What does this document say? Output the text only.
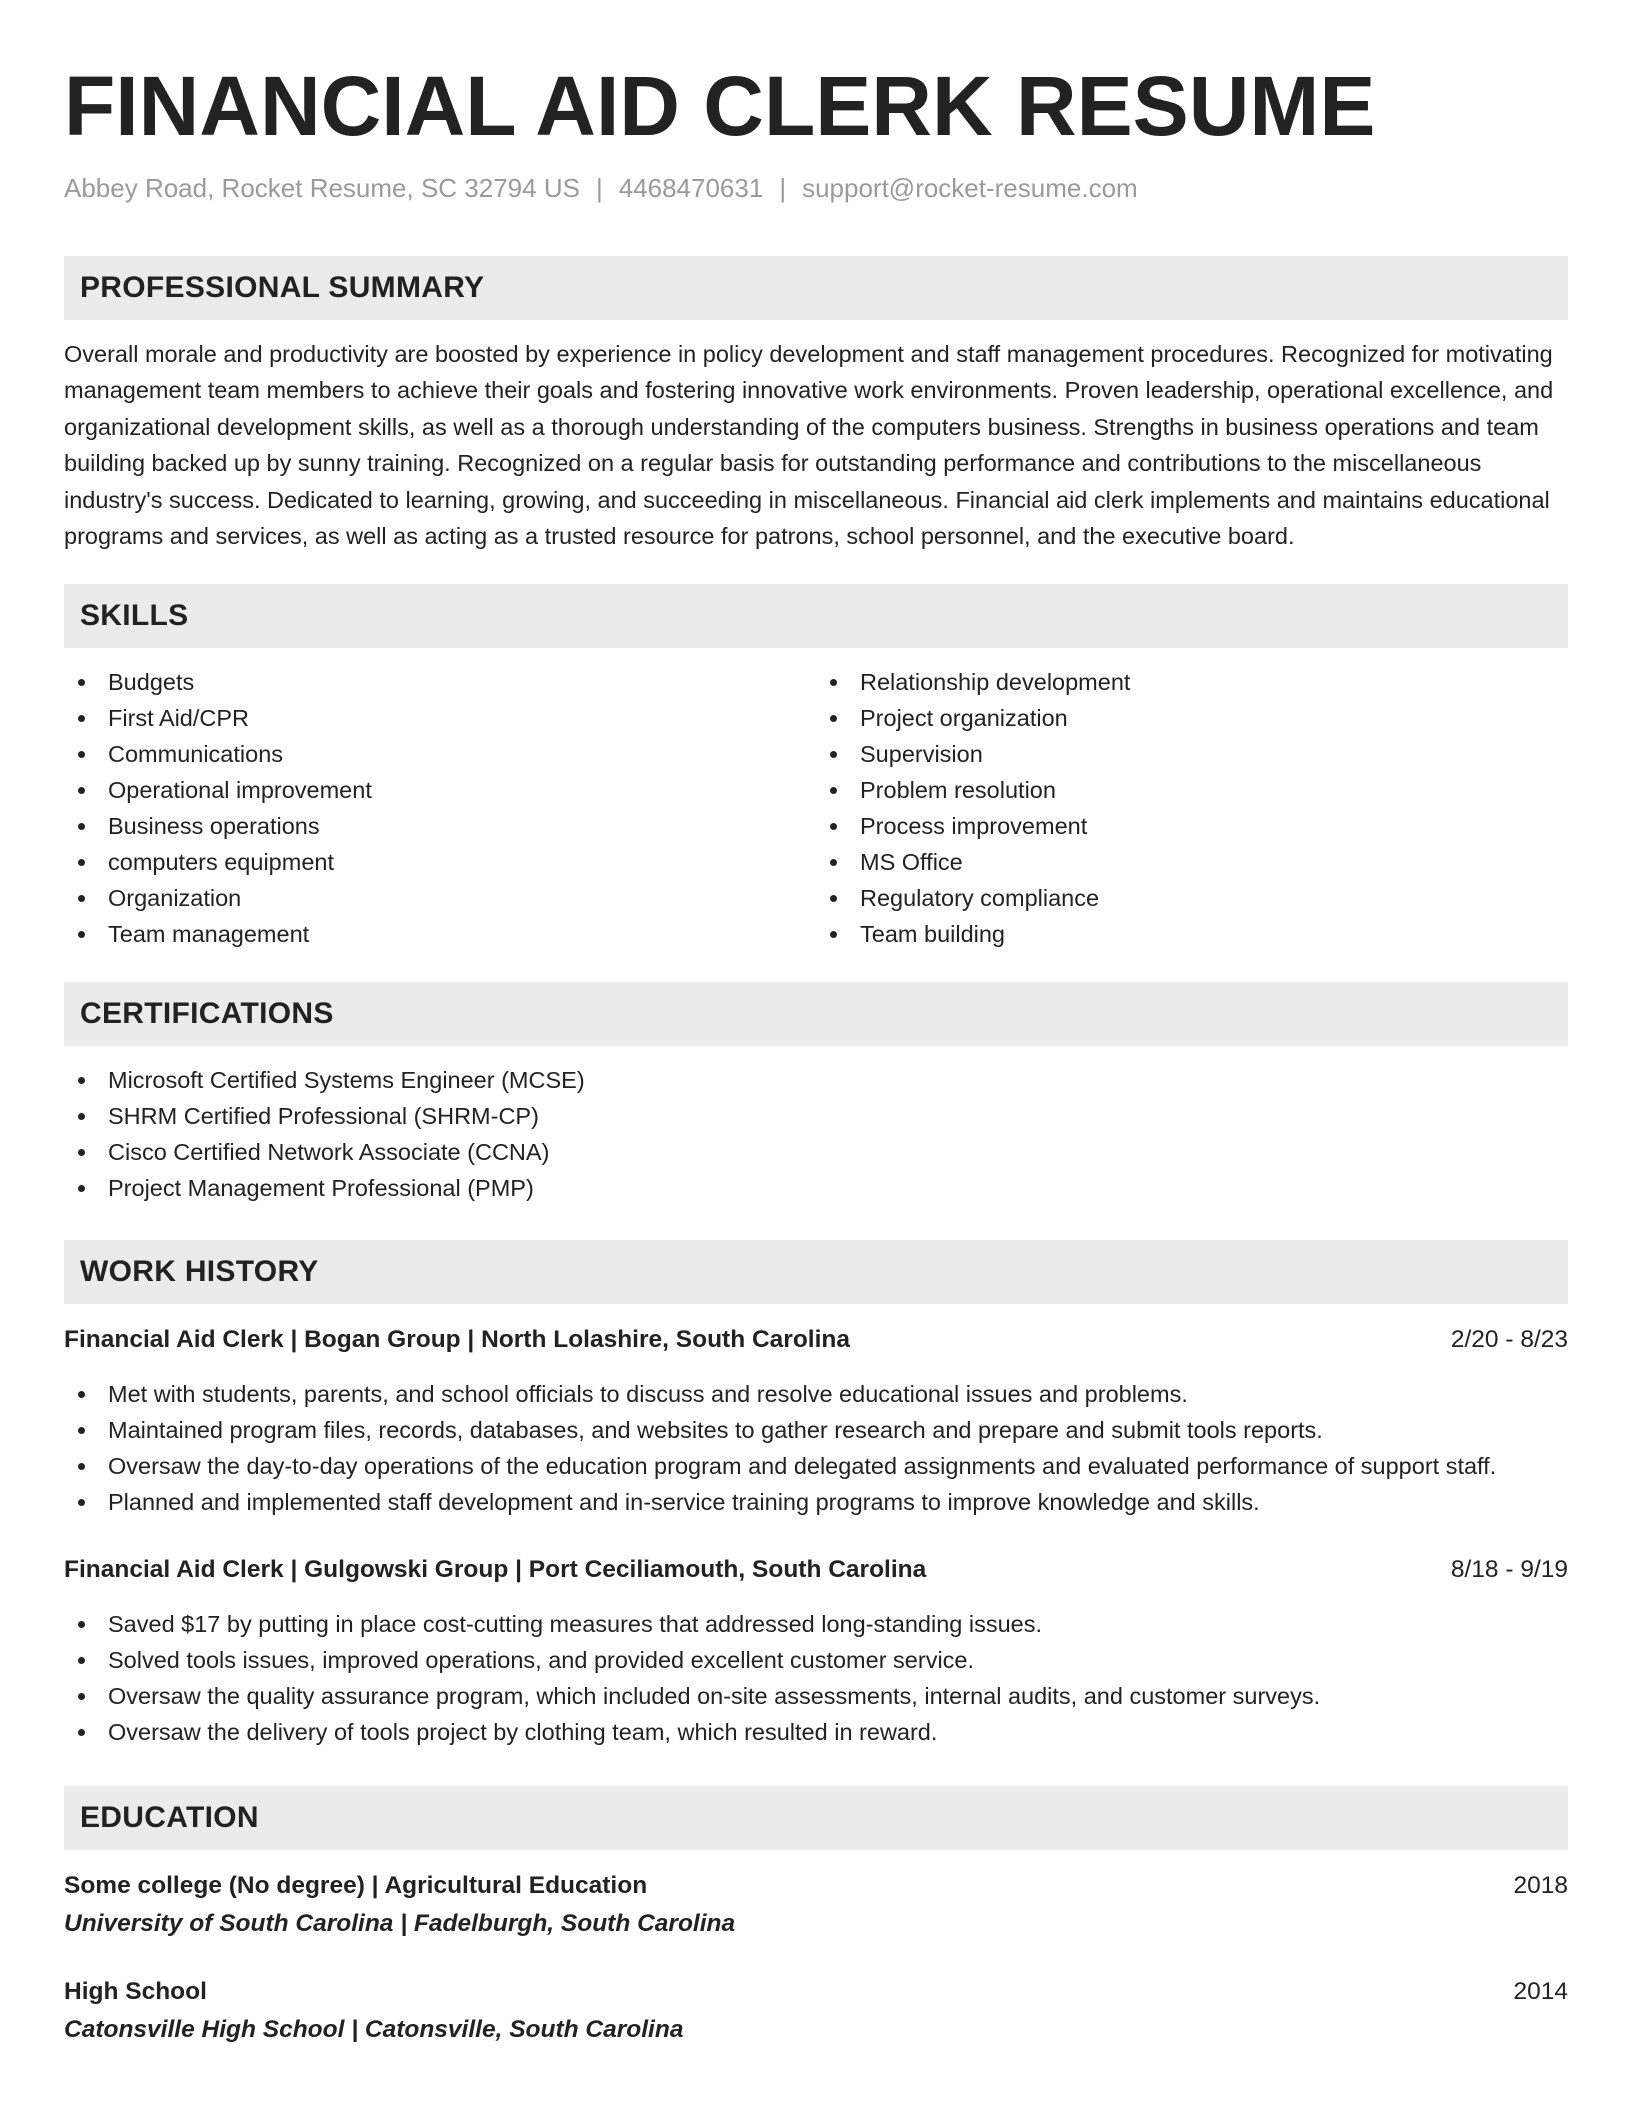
FINANCIAL AID CLERK RESUME
Abbey Road, Rocket Resume, SC 32794 US | 4468470631 | support@rocket-resume.com
PROFESSIONAL SUMMARY

Overall morale and productivity are boosted by experience in policy development and staff management procedures. Recognized for motivating management team members to achieve their goals and fostering innovative work environments. Proven leadership, operational excellence, and organizational development skills, as well as a thorough understanding of the computers business. Strengths in business operations and team building backed up by sunny training. Recognized on a regular basis for outstanding performance and contributions to the miscellaneous industry's success. Dedicated to learning, growing, and succeeding in miscellaneous. Financial aid clerk implements and maintains educational programs and services, as well as acting as a trusted resource for patrons, school personnel, and the executive board.

SKILLS
Budgets
First Aid/CPR
Communications
Operational improvement
Business operations
computers equipment
Organization
Team management
Relationship development
Project organization
Supervision
Problem resolution
Process improvement
MS Office
Regulatory compliance
Team building
CERTIFICATIONS
Microsoft Certified Systems Engineer (MCSE)
SHRM Certified Professional (SHRM-CP)
Cisco Certified Network Associate (CCNA)
Project Management Professional (PMP)
WORK HISTORY
Financial Aid Clerk | Bogan Group | North Lolashire, South Carolina	2/20 - 8/23
Met with students, parents, and school officials to discuss and resolve educational issues and problems.
Maintained program files, records, databases, and websites to gather research and prepare and submit tools reports.
Oversaw the day-to-day operations of the education program and delegated assignments and evaluated performance of support staff.
Planned and implemented staff development and in-service training programs to improve knowledge and skills.
Financial Aid Clerk | Gulgowski Group | Port Ceciliamouth, South Carolina	8/18 - 9/19
Saved $17 by putting in place cost-cutting measures that addressed long-standing issues.
Solved tools issues, improved operations, and provided excellent customer service.
Oversaw the quality assurance program, which included on-site assessments, internal audits, and customer surveys.
Oversaw the delivery of tools project by clothing team, which resulted in reward.
EDUCATION
Some college (No degree) | Agricultural Education	2018
University of South Carolina | Fadelburgh, South Carolina
High School	2014
Catonsville High School | Catonsville, South Carolina
